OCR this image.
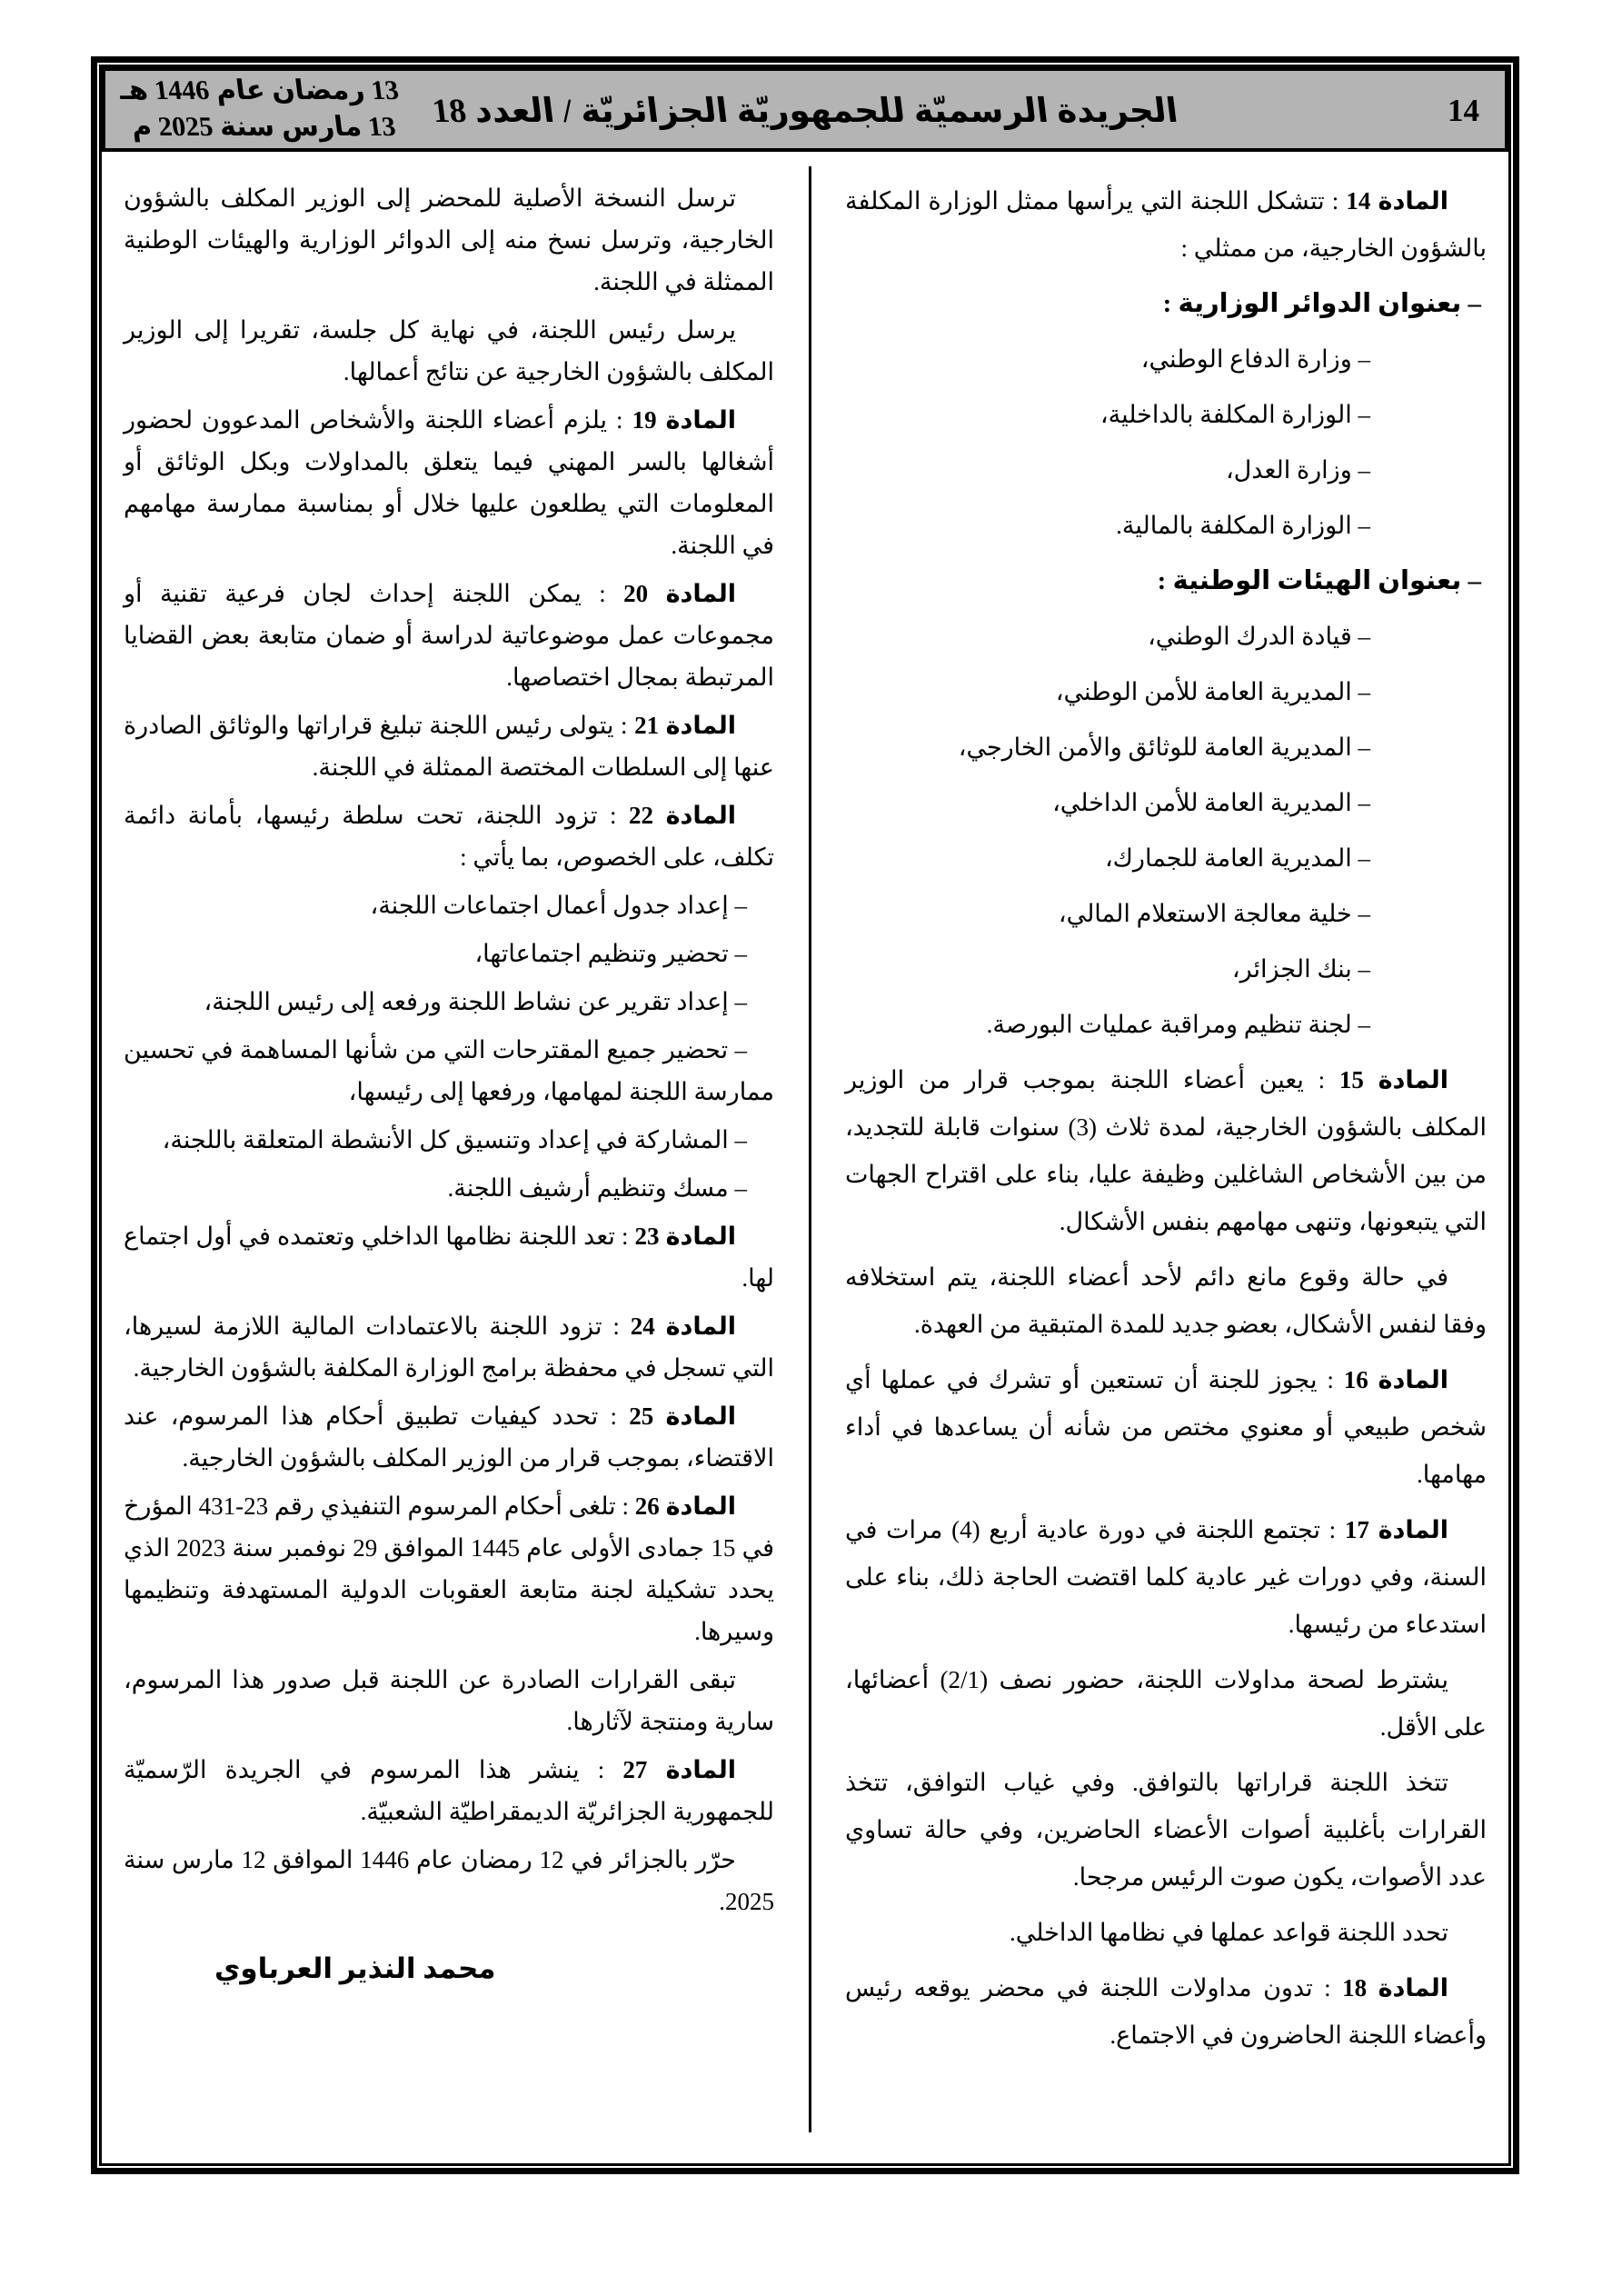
13 رمضان عام 1446 هـ
13 مارس سنة 2025 م الجريدة الرسميّة للجمهوريّة الجزائريّة / العدد 18	14

المادة 14 : تتشكل اللجنة التي يرأسها ممثل الوزارة المكلفة بالشؤون الخارجية، من ممثلي :

– بعنوان الدوائر الوزارية :

– وزارة الدفاع الوطني،

– الوزارة المكلفة بالداخلية،

– وزارة العدل،

– الوزارة المكلفة بالمالية.

– بعنوان الهيئات الوطنية :

– قيادة الدرك الوطني،

– المديرية العامة للأمن الوطني،

– المديرية العامة للوثائق والأمن الخارجي،

– المديرية العامة للأمن الداخلي،

– المديرية العامة للجمارك،

– خلية معالجة الاستعلام المالي،

– بنك الجزائر،

– لجنة تنظيم ومراقبة عمليات البورصة.

المادة 15 : يعين أعضاء اللجنة بموجب قرار من الوزير المكلف بالشؤون الخارجية، لمدة ثلاث (3) سنوات قابلة للتجديد، من بين الأشخاص الشاغلين وظيفة عليا، بناء على اقتراح الجهات التي يتبعونها، وتنهى مهامهم بنفس الأشكال.

في حالة وقوع مانع دائم لأحد أعضاء اللجنة، يتم استخلافه وفقا لنفس الأشكال، بعضو جديد للمدة المتبقية من العهدة.

المادة 16 : يجوز للجنة أن تستعين أو تشرك في عملها أي شخص طبيعي أو معنوي مختص من شأنه أن يساعدها في أداء مهامها.

المادة 17 : تجتمع اللجنة في دورة عادية أربع (4) مرات في السنة، وفي دورات غير عادية كلما اقتضت الحاجة ذلك، بناء على استدعاء من رئيسها.

يشترط لصحة مداولات اللجنة، حضور نصف (2/1) أعضائها، على الأقل.

تتخذ اللجنة قراراتها بالتوافق. وفي غياب التوافق، تتخذ القرارات بأغلبية أصوات الأعضاء الحاضرين، وفي حالة تساوي عدد الأصوات، يكون صوت الرئيس مرجحا.

تحدد اللجنة قواعد عملها في نظامها الداخلي.

المادة 18 : تدون مداولات اللجنة في محضر يوقعه رئيس وأعضاء اللجنة الحاضرون في الاجتماع.

ترسل النسخة الأصلية للمحضر إلى الوزير المكلف بالشؤون الخارجية، وترسل نسخ منه إلى الدوائر الوزارية والهيئات الوطنية الممثلة في اللجنة.

يرسل رئيس اللجنة، في نهاية كل جلسة، تقريرا إلى الوزير المكلف بالشؤون الخارجية عن نتائج أعمالها.

المادة 19 : يلزم أعضاء اللجنة والأشخاص المدعوون لحضور أشغالها بالسر المهني فيما يتعلق بالمداولات وبكل الوثائق أو المعلومات التي يطلعون عليها خلال أو بمناسبة ممارسة مهامهم في اللجنة.

المادة 20 : يمكن اللجنة إحداث لجان فرعية تقنية أو مجموعات عمل موضوعاتية لدراسة أو ضمان متابعة بعض القضايا المرتبطة بمجال اختصاصها.

المادة 21 : يتولى رئيس اللجنة تبليغ قراراتها والوثائق الصادرة عنها إلى السلطات المختصة الممثلة في اللجنة.

المادة 22 : تزود اللجنة، تحت سلطة رئيسها، بأمانة دائمة تكلف، على الخصوص، بما يأتي :

– إعداد جدول أعمال اجتماعات اللجنة،

– تحضير وتنظيم اجتماعاتها،

– إعداد تقرير عن نشاط اللجنة ورفعه إلى رئيس اللجنة،

– تحضير جميع المقترحات التي من شأنها المساهمة في تحسين ممارسة اللجنة لمهامها، ورفعها إلى رئيسها،

– المشاركة في إعداد وتنسيق كل الأنشطة المتعلقة باللجنة،

– مسك وتنظيم أرشيف اللجنة.

المادة 23 : تعد اللجنة نظامها الداخلي وتعتمده في أول اجتماع لها.

المادة 24 : تزود اللجنة بالاعتمادات المالية اللازمة لسيرها، التي تسجل في محفظة برامج الوزارة المكلفة بالشؤون الخارجية.

المادة 25 : تحدد كيفيات تطبيق أحكام هذا المرسوم، عند الاقتضاء، بموجب قرار من الوزير المكلف بالشؤون الخارجية.

المادة 26 : تلغى أحكام المرسوم التنفيذي رقم 23‏-‏431 المؤرخ في 15 جمادى الأولى عام 1445 الموافق 29 نوفمبر سنة 2023 الذي يحدد تشكيلة لجنة متابعة العقوبات الدولية المستهدفة وتنظيمها وسيرها.

تبقى القرارات الصادرة عن اللجنة قبل صدور هذا المرسوم، سارية ومنتجة لآثارها.

المادة 27 : ينشر هذا المرسوم في الجريدة الرّسميّة للجمهورية الجزائريّة الديمقراطيّة الشعبيّة.

حرّر بالجزائر في 12 رمضان عام 1446 الموافق 12 مارس سنة 2025.

محمد النذير العرباوي
